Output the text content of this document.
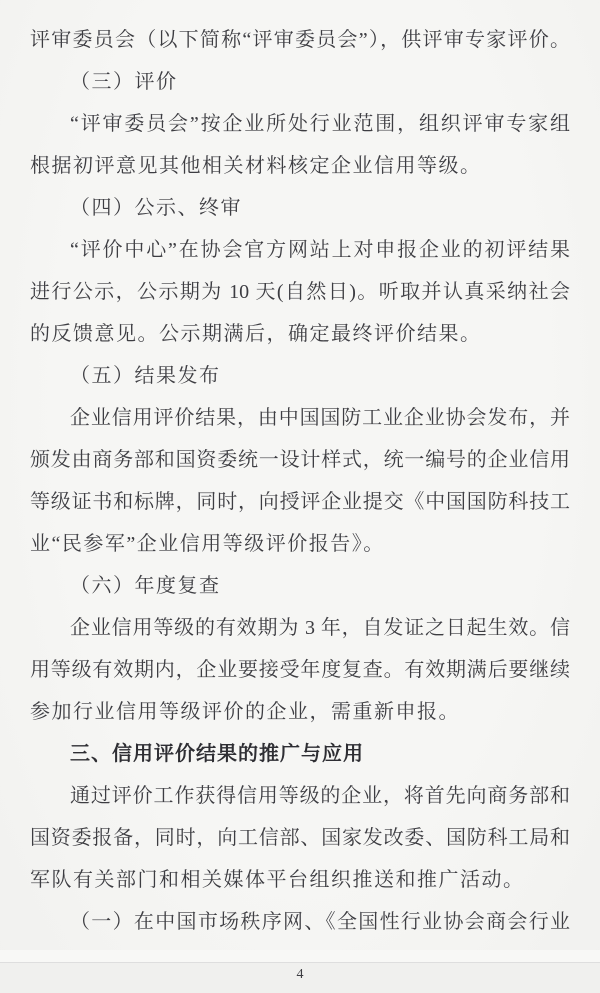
评审委员会（以下简称“评审委员会”），供评审专家评价。
（三）评价
“评审委员会”按企业所处行业范围，组织评审专家组
根据初评意见其他相关材料核定企业信用等级。
（四）公示、终审
“评价中心”在协会官方网站上对申报企业的初评结果
进行公示，公示期为 10 天(自然日)。听取并认真采纳社会
的反馈意见。公示期满后，确定最终评价结果。
（五）结果发布
企业信用评价结果，由中国国防工业企业协会发布，并
颁发由商务部和国资委统一设计样式，统一编号的企业信用
等级证书和标牌，同时，向授评企业提交《中国国防科技工
业“民参军”企业信用等级评价报告》。
（六）年度复查
企业信用等级的有效期为 3 年，自发证之日起生效。信
用等级有效期内，企业要接受年度复查。有效期满后要继续
参加行业信用等级评价的企业，需重新申报。
三、信用评价结果的推广与应用
通过评价工作获得信用等级的企业，将首先向商务部和
国资委报备，同时，向工信部、国家发改委、国防科工局和
军队有关部门和相关媒体平台组织推送和推广活动。
（一）在中国市场秩序网、《全国性行业协会商会行业
4
